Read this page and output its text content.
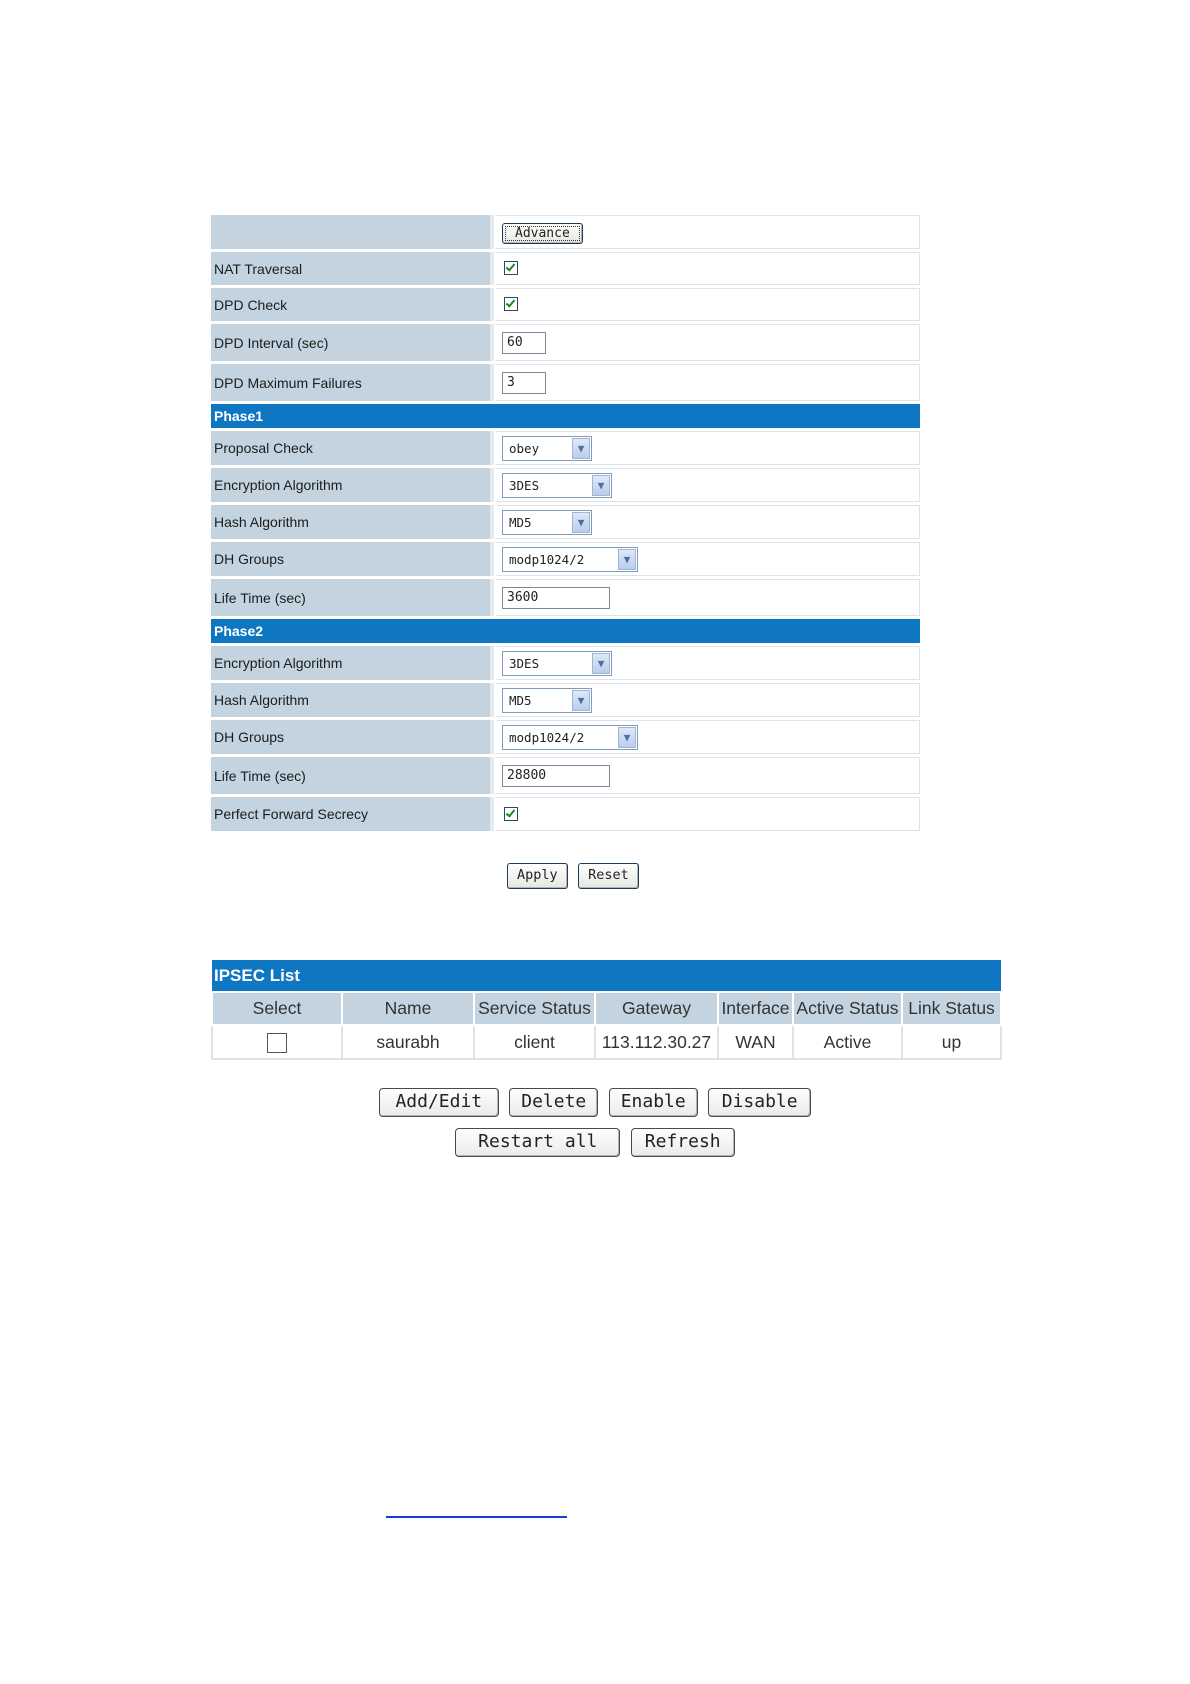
		Advance
NAT Traversal		
DPD Check		
DPD Interval (sec)		60
DPD Maximum Failures		3
Phase1		
Proposal Check		obey ▼

Encryption Algorithm		3DES ▼

Hash Algorithm		MD5 ▼

DH Groups		modp1024/2 ▼

Life Time (sec)		3600
Phase2		
Encryption Algorithm		3DES ▼

Hash Algorithm		MD5 ▼

DH Groups		modp1024/2 ▼

Life Time (sec)		28800
Perfect Forward Secrecy		
Apply Reset
IPSEC List						
Select	Name	Service Status	Gateway	Interface	Active Status	Link Status
	saurabh	client	113.112.30.27	WAN	Active	up
Add/Edit Delete Enable Disable
Restart all	Refresh
